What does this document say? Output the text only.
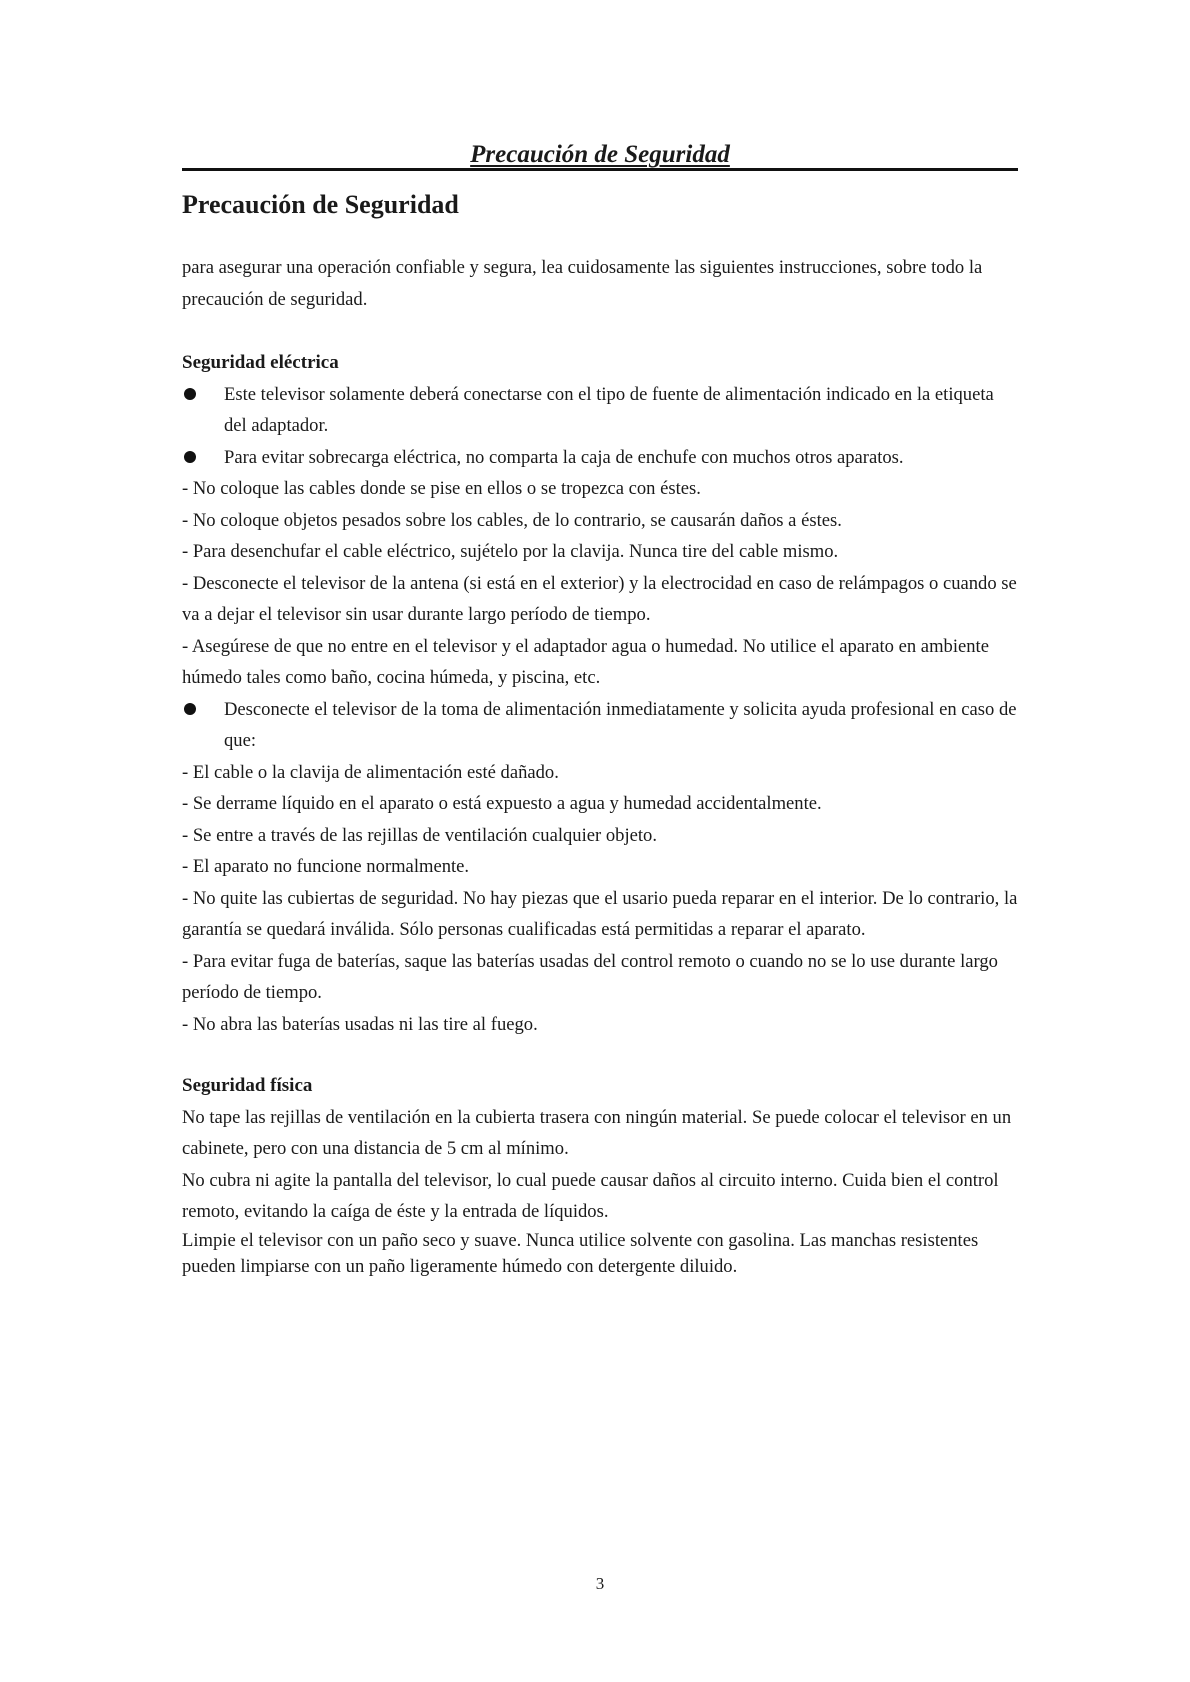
Precaución de Seguridad
Precaución de Seguridad

para asegurar una operación confiable y segura, lea cuidosamente las siguientes instrucciones, sobre todo la precaución de seguridad.

Seguridad eléctrica

Este televisor solamente deberá conectarse con el tipo de fuente de alimentación indicado en la etiqueta del adaptador.
Para evitar sobrecarga eléctrica, no comparta la caja de enchufe con muchos otros aparatos.

- No coloque las cables donde se pise en ellos o se tropezca con éstes.

- No coloque objetos pesados sobre los cables, de lo contrario, se causarán daños a éstes.

- Para desenchufar el cable eléctrico, sujételo por la clavija. Nunca tire del cable mismo.

- Desconecte el televisor de la antena (si está en el exterior) y la electrocidad en caso de relámpagos o cuando se va a dejar el televisor sin usar durante largo período de tiempo.

- Asegúrese de que no entre en el televisor y el adaptador agua o humedad. No utilice el aparato en ambiente húmedo tales como baño, cocina húmeda, y piscina, etc.

Desconecte el televisor de la toma de alimentación inmediatamente y solicita ayuda profesional en caso de que:

- El cable o la clavija de alimentación esté dañado.

- Se derrame líquido en el aparato o está expuesto a agua y humedad accidentalmente.

- Se entre a través de las rejillas de ventilación cualquier objeto.

- El aparato no funcione normalmente.

- No quite las cubiertas de seguridad. No hay piezas que el usario pueda reparar en el interior. De lo contrario, la garantía se quedará inválida. Sólo personas cualificadas está permitidas a reparar el aparato.

- Para evitar fuga de baterías, saque las baterías usadas del control remoto o cuando no se lo use durante largo período de tiempo.

- No abra las baterías usadas ni las tire al fuego.

Seguridad física

No tape las rejillas de ventilación en la cubierta trasera con ningún material. Se puede colocar el televisor en un cabinete, pero con una distancia de 5 cm al mínimo.

No cubra ni agite la pantalla del televisor, lo cual puede causar daños al circuito interno. Cuida bien el control remoto, evitando la caíga de éste y la entrada de líquidos.

Limpie el televisor con un paño seco y suave. Nunca utilice solvente con gasolina. Las manchas resistentes pueden limpiarse con un paño ligeramente húmedo con detergente diluido.

3
